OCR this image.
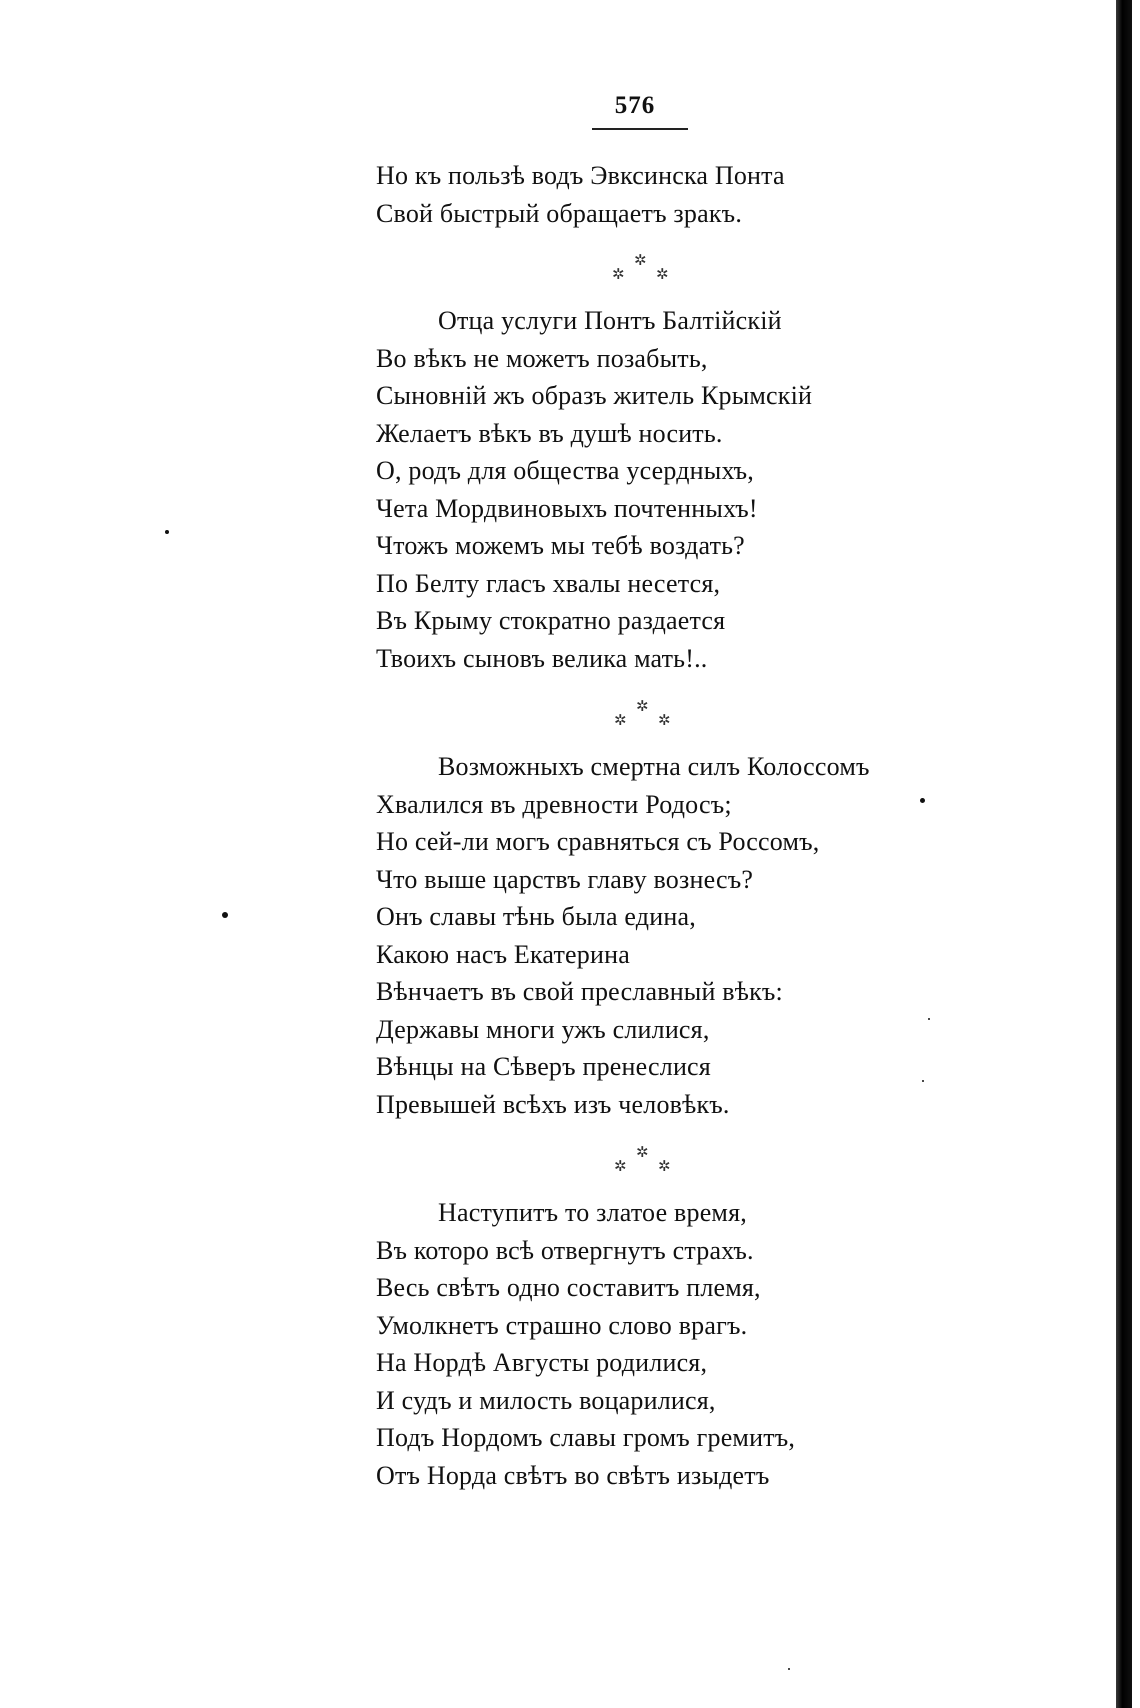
576
Но къ пользѣ водъ Эвксинска Понта
Свой быстрый обращаетъ зракъ.
✲
✲ ✲
Отца услуги Понтъ Балтійскій
Во вѣкъ не можетъ позабыть,
Сыновній жъ образъ житель Крымскій
Желаетъ вѣкъ въ душѣ носить.
О, родъ для общества усердныхъ,
Чета Мордвиновыхъ почтенныхъ!
Чтожъ можемъ мы тебѣ воздать?
По Белту гласъ хвалы несется,
Въ Крыму стократно раздается
Твоихъ сыновъ велика мать!..
✲
✲ ✲
Возможныхъ смертна силъ Колоссомъ
Хвалился въ древности Родосъ;
Но сей-ли могъ сравняться съ Россомъ,
Что выше царствъ главу вознесъ?
Онъ славы тѣнь была едина,
Какою насъ Екатерина
Вѣнчаетъ въ свой преславный вѣкъ:
Державы многи ужъ слилися,
Вѣнцы на Сѣверъ пренеслися
Превышей всѣхъ изъ человѣкъ.
✲
✲ ✲
Наступитъ то златое время,
Въ которо всѣ отвергнутъ страхъ.
Весь свѣтъ одно составитъ племя,
Умолкнетъ страшно слово врагъ.
На Нордѣ Августы родилися,
И судъ и милость воцарилися,
Подъ Нордомъ славы громъ гремитъ,
Отъ Норда свѣтъ во свѣтъ изыдетъ
